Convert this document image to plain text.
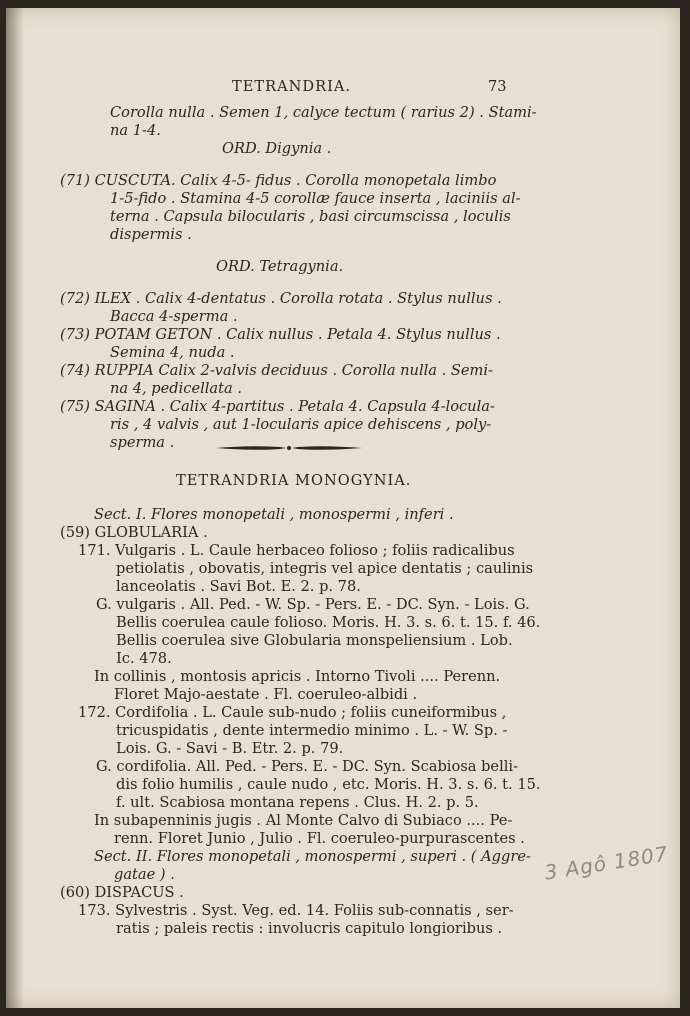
TETRANDRIA.	73
Corolla nulla . Semen 1, calyce tectum ( rarius 2) . Stami-
na 1-4.
ORD. Digynia .
(71) CUSCUTA. Calix 4-5- fidus . Corolla monopetala limbo
1-5-fido . Stamina 4-5 corollæ fauce inserta , laciniis al-
terna . Capsula bilocularis , basi circumscissa , loculis
dispermis .
ORD. Tetragynia.
(72) ILEX . Calix 4-dentatus . Corolla rotata . Stylus nullus .
Bacca 4-sperma .
(73) POTAM GETON . Calix nullus . Petala 4. Stylus nullus .
Semina 4, nuda .
(74) RUPPIA Calix 2-valvis deciduus . Corolla nulla . Semi-
na 4, pedicellata .
(75) SAGINA . Calix 4-partitus . Petala 4. Capsula 4-locula-
ris , 4 valvis , aut 1-locularis apice dehiscens , poly-
sperma .
TETRANDRIA MONOGYNIA.
Sect. I. Flores monopetali , monospermi , inferi .
(59) GLOBULARIA .
171. Vulgaris . L. Caule herbaceo folioso ; foliis radicalibus
petiolatis , obovatis, integris vel apice dentatis ; caulinis
lanceolatis . Savi Bot. E. 2. p. 78.
G. vulgaris . All. Ped. - W. Sp. - Pers. E. - DC. Syn. - Lois. G.
Bellis coerulea caule folioso. Moris. H. 3. s. 6. t. 15. f. 46.
Bellis coerulea sive Globularia monspeliensium . Lob.
Ic. 478.
In collinis , montosis apricis . Intorno Tivoli .... Perenn.
Floret Majo-aestate . Fl. coeruleo-albidi .
172. Cordifolia . L. Caule sub-nudo ; foliis cuneiformibus ,
tricuspidatis , dente intermedio minimo . L. - W. Sp. -
Lois. G. - Savi - B. Etr. 2. p. 79.
G. cordifolia. All. Ped. - Pers. E. - DC. Syn. Scabiosa belli-
dis folio humilis , caule nudo , etc. Moris. H. 3. s. 6. t. 15.
f. ult. Scabiosa montana repens . Clus. H. 2. p. 5.
In subapenninis jugis . Al Monte Calvo di Subiaco .... Pe-
renn. Floret Junio , Julio . Fl. coeruleo-purpurascentes .
Sect. II. Flores monopetali , monospermi , superi . ( Aggre-
gatae ) .
(60) DISPACUS .
173. Sylvestris . Syst. Veg. ed. 14. Foliis sub-connatis , ser-
ratis ; paleis rectis : involucris capitulo longioribus .
3 Agô 1807
